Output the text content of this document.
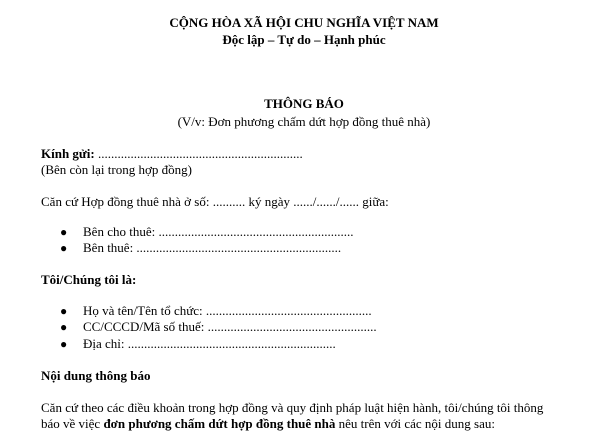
CỘNG HÒA XÃ HỘI CHU NGHĨA VIỆT NAM
Độc lập – Tự do – Hạnh phúc
THÔNG BÁO
(V/v: Đơn phương chấm dứt hợp đồng thuê nhà)
Kính gửi: ...............................................................
(Bên còn lại trong hợp đồng)
Căn cứ Hợp đồng thuê nhà ở số: .......... ký ngày ....../....../...... giữa:
● Bên cho thuê: ............................................................
● Bên thuê: ...............................................................
Tôi/Chúng tôi là:
● Họ và tên/Tên tổ chức: ...................................................
● CC/CCCD/Mã số thuế: ....................................................
● Địa chỉ: ................................................................
Nội dung thông báo
Căn cứ theo các điều khoản trong hợp đồng và quy định pháp luật hiện hành, tôi/chúng tôi thông
báo về việc đơn phương chấm dứt hợp đồng thuê nhà nêu trên với các nội dung sau:
